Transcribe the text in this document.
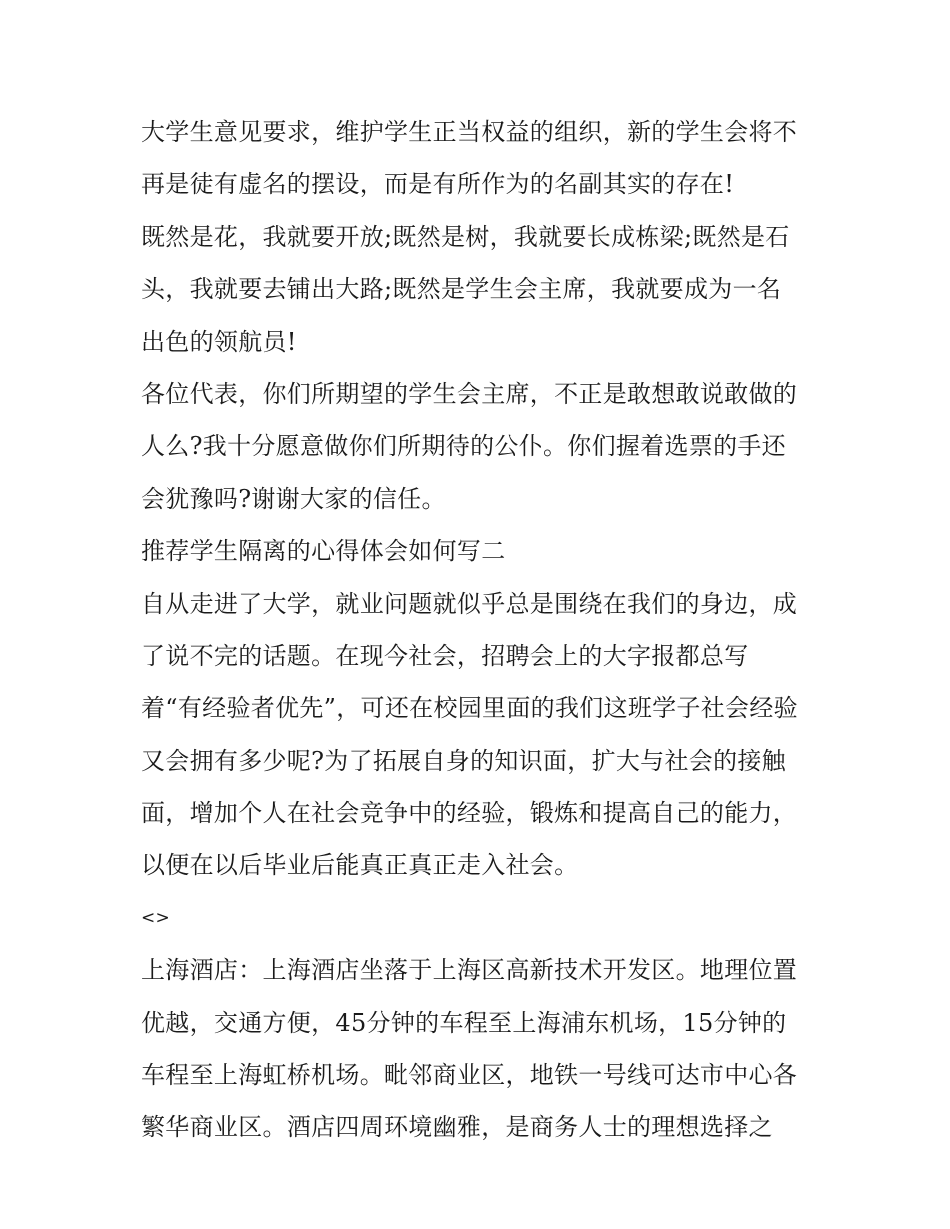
大学生意见要求，维护学生正当权益的组织，新的学生会将不
再是徒有虚名的摆设，而是有所作为的名副其实的存在!
既然是花，我就要开放;既然是树，我就要长成栋梁;既然是石
头，我就要去铺出大路;既然是学生会主席，我就要成为一名
出色的领航员!
各位代表，你们所期望的学生会主席，不正是敢想敢说敢做的
人么?我十分愿意做你们所期待的公仆。你们握着选票的手还
会犹豫吗?谢谢大家的信任。
推荐学生隔离的心得体会如何写二
自从走进了大学，就业问题就似乎总是围绕在我们的身边，成
了说不完的话题。在现今社会，招聘会上的大字报都总写
着“有经验者优先”，可还在校园里面的我们这班学子社会经验
又会拥有多少呢?为了拓展自身的知识面，扩大与社会的接触
面，增加个人在社会竞争中的经验，锻炼和提高自己的能力，
以便在以后毕业后能真正真正走入社会。
<>
上海酒店：上海酒店坐落于上海区高新技术开发区。地理位置
优越，交通方便，45分钟的车程至上海浦东机场，15分钟的
车程至上海虹桥机场。毗邻商业区，地铁一号线可达市中心各
繁华商业区。酒店四周环境幽雅，是商务人士的理想选择之
